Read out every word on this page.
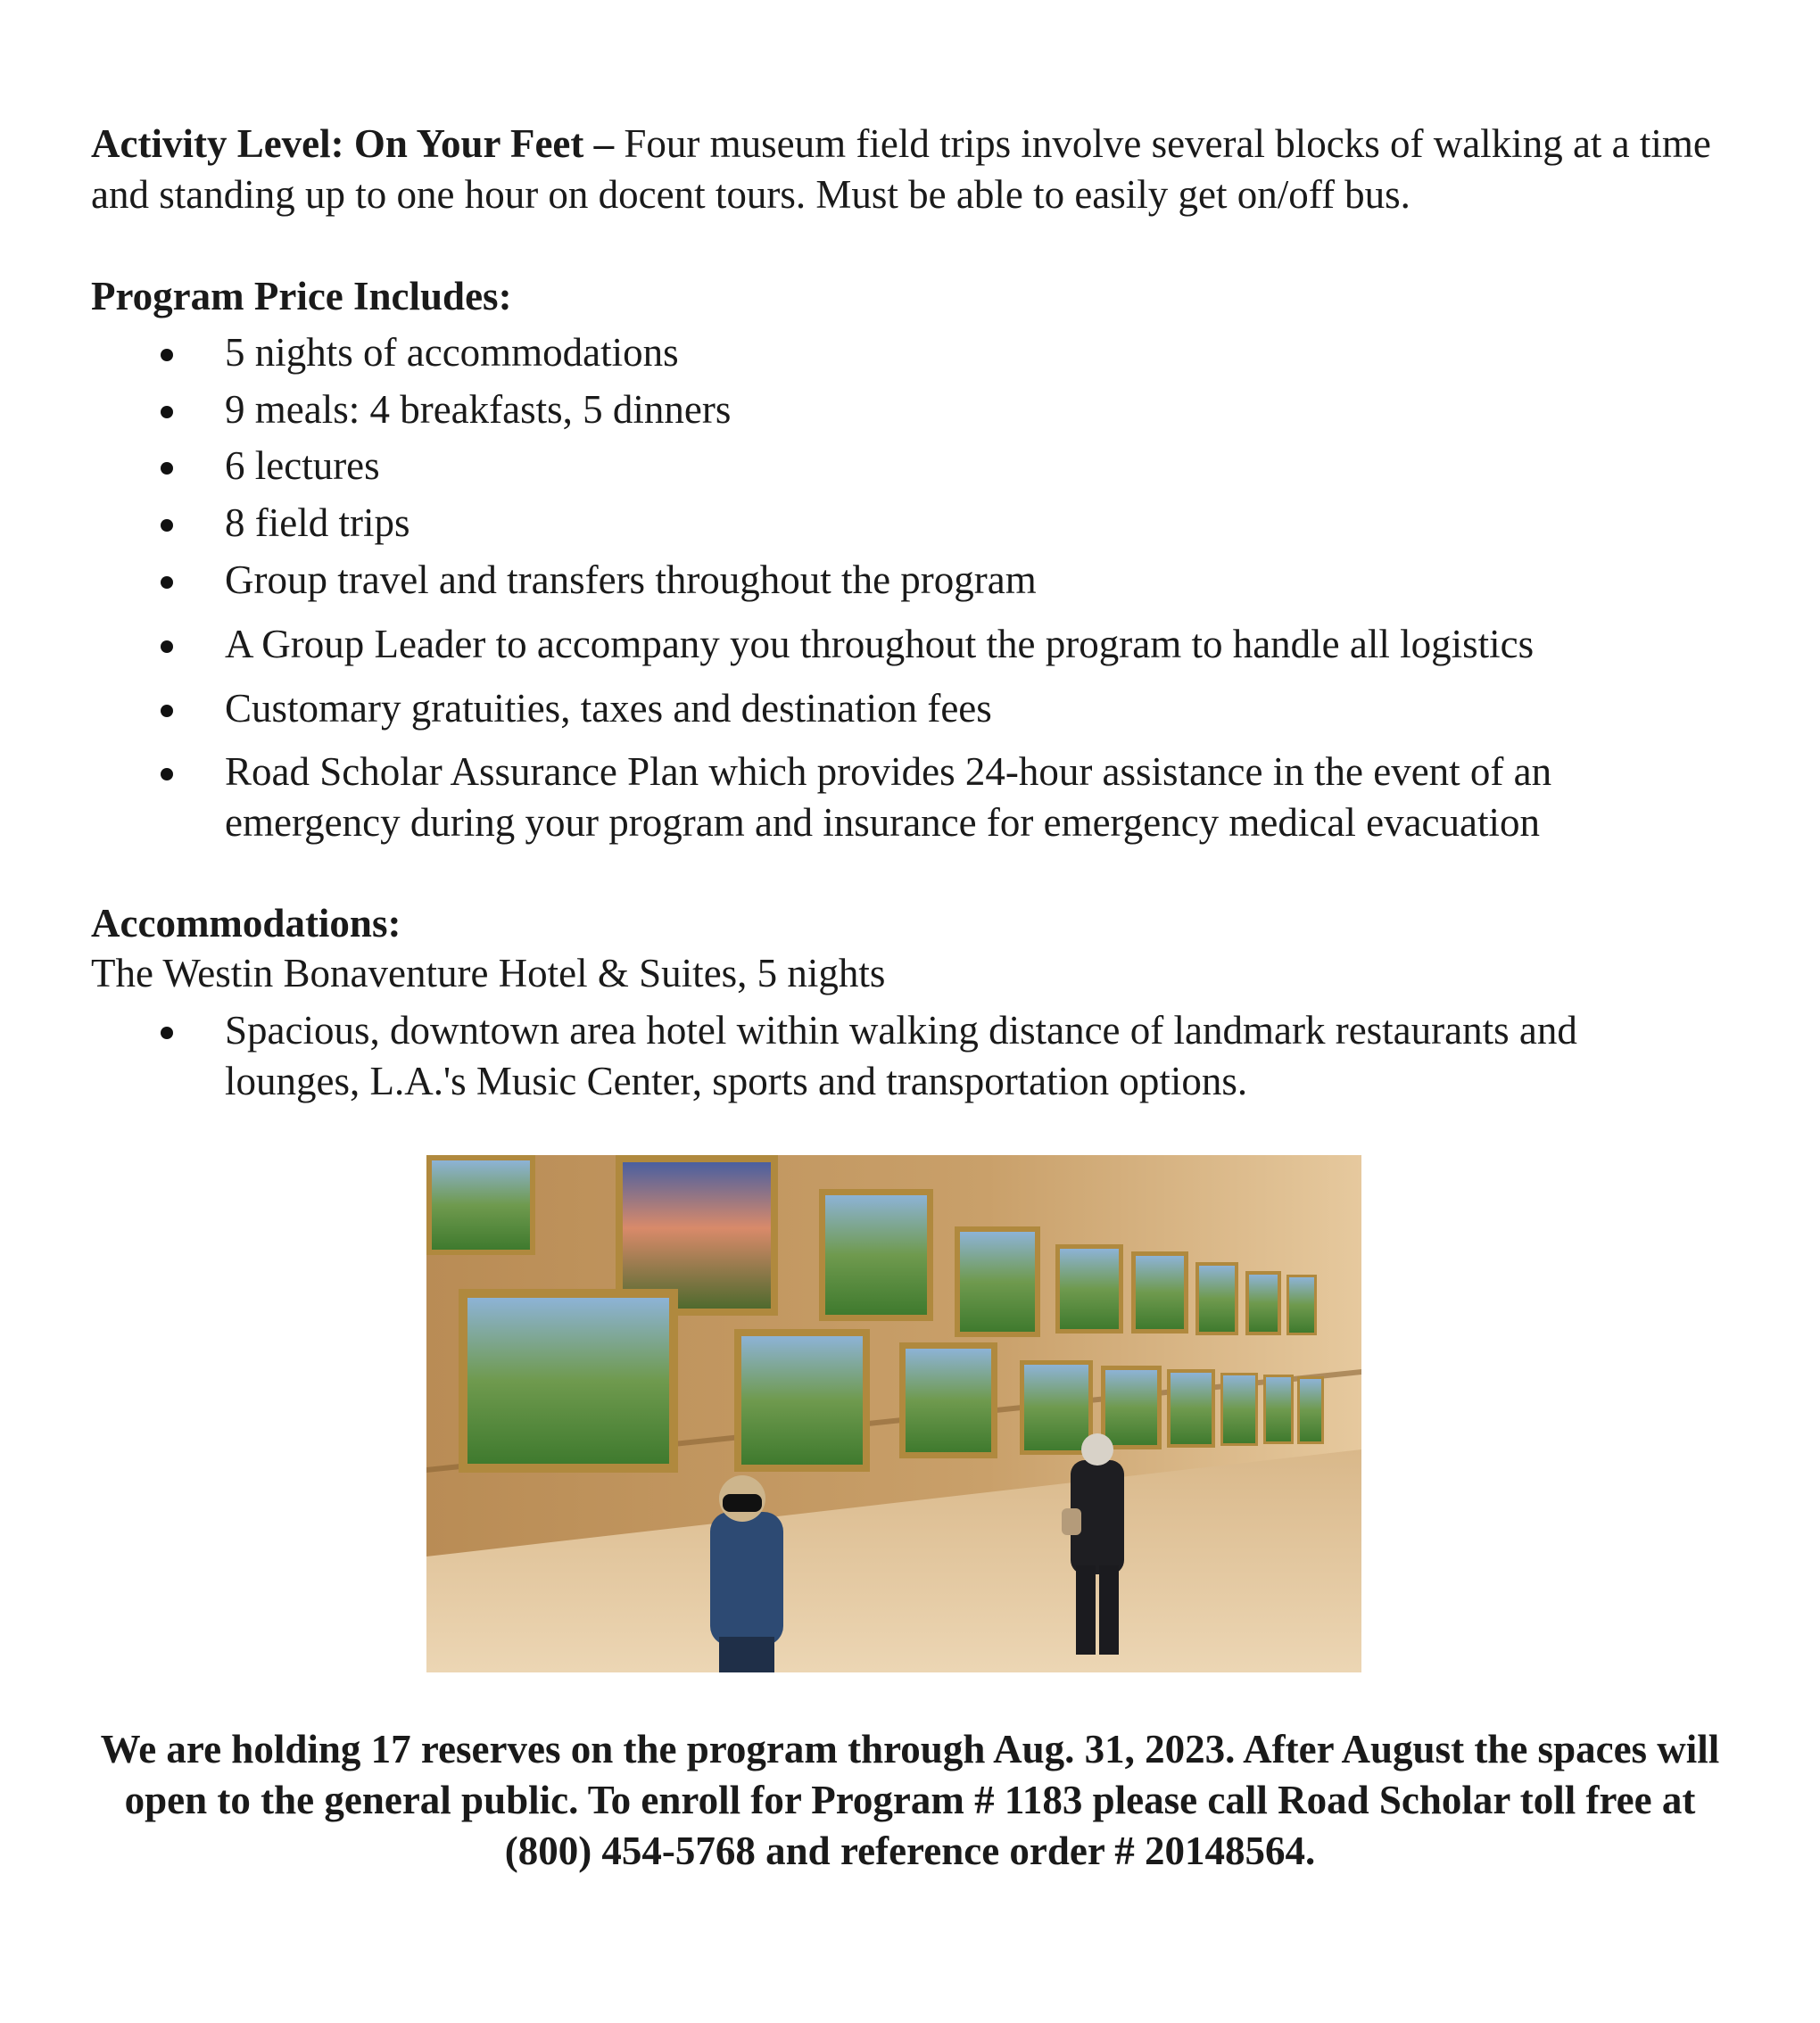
Activity Level: On Your Feet – Four museum field trips involve several blocks of walking at a time and standing up to one hour on docent tours. Must be able to easily get on/off bus.

Program Price Includes:
5 nights of accommodations
9 meals: 4 breakfasts, 5 dinners
6 lectures
8 field trips
Group travel and transfers throughout the program
A Group Leader to accompany you throughout the program to handle all logistics
Customary gratuities, taxes and destination fees
Road Scholar Assurance Plan which provides 24-hour assistance in the event of an emergency during your program and insurance for emergency medical evacuation
Accommodations:

The Westin Bonaventure Hotel & Suites, 5 nights

Spacious, downtown area hotel within walking distance of landmark restaurants and lounges, L.A.'s Music Center, sports and transportation options.

We are holding 17 reserves on the program through Aug. 31, 2023. After August the spaces will open to the general public. To enroll for Program # 1183 please call Road Scholar toll free at (800) 454-5768 and reference order # 20148564.
